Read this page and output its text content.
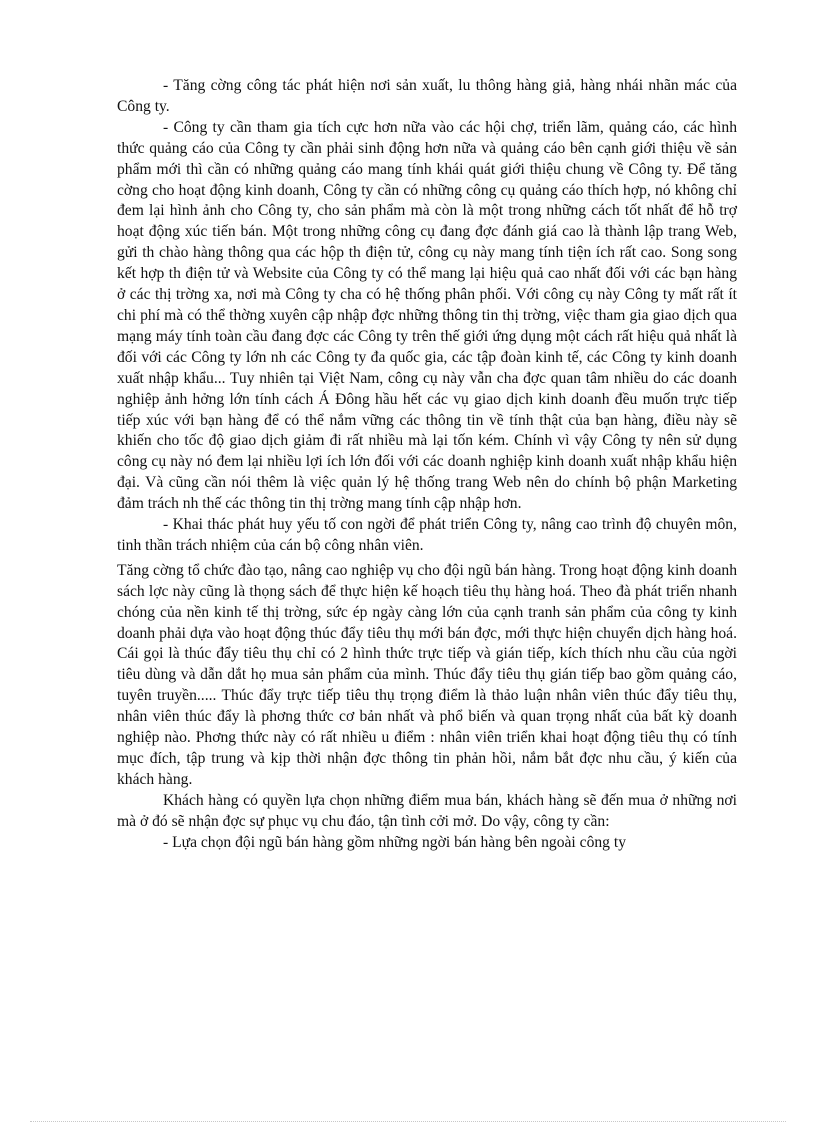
- Tăng cờng công tác phát hiện nơi sản xuất, lu thông hàng giả, hàng nhái nhãn mác của Công ty.

- Công ty cần tham gia tích cực hơn nữa vào các hội chợ, triển lãm, quảng cáo, các hình thức quảng cáo của Công ty cần phải sinh động hơn nữa và quảng cáo bên cạnh giới thiệu về sản phẩm mới thì cần có những quảng cáo mang tính khái quát giới thiệu chung về Công ty. Để tăng cờng cho hoạt động kinh doanh, Công ty cần có những công cụ quảng cáo thích hợp, nó không chỉ đem lại hình ảnh cho Công ty, cho sản phẩm mà còn là một trong những cách tốt nhất để hỗ trợ hoạt động xúc tiến bán. Một trong những công cụ đang đợc đánh giá cao là thành lập trang Web, gửi th chào hàng thông qua các hộp th điện tử, công cụ này mang tính tiện ích rất cao. Song song kết hợp th điện tử và Website của Công ty có thể mang lại hiệu quả cao nhất đối với các bạn hàng ở các thị trờng xa, nơi mà Công ty cha có hệ thống phân phối. Với công cụ này Công ty mất rất ít chi phí mà có thể thờng xuyên cập nhập đợc những thông tin thị trờng, việc tham gia giao dịch qua mạng máy tính toàn cầu đang đợc các Công ty trên thế giới ứng dụng một cách rất hiệu quả nhất là đối với các Công ty lớn nh các Công ty đa quốc gia, các tập đoàn kinh tế, các Công ty kinh doanh xuất nhập khẩu... Tuy nhiên tại Việt Nam, công cụ này vẫn cha đợc quan tâm nhiều do các doanh nghiệp ảnh hởng lớn tính cách Á Đông hầu hết các vụ giao dịch kinh doanh đều muốn trực tiếp tiếp xúc với bạn hàng để có thể nắm vững các thông tin về tính thật của bạn hàng, điều này sẽ khiến cho tốc độ giao dịch giảm đi rất nhiều mà lại tốn kém. Chính vì vậy Công ty nên sử dụng công cụ này nó đem lại nhiều lợi ích lớn đối với các doanh nghiệp kinh doanh xuất nhập khẩu hiện đại. Và cũng cần nói thêm là việc quản lý hệ thống trang Web nên do chính bộ phận Marketing đảm trách nh thế các thông tin thị trờng mang tính cập nhập hơn.

- Khai thác phát huy yếu tố con ngời để phát triển Công ty, nâng cao trình độ chuyên môn, tinh thần trách nhiệm của cán bộ công nhân viên.

Tăng cờng tổ chức đào tạo, nâng cao nghiệp vụ cho đội ngũ bán hàng. Trong hoạt động kinh doanh sách lợc này cũng là thọng sách để thực hiện kế hoạch tiêu thụ hàng hoá. Theo đà phát triển nhanh chóng của nền kinh tế thị trờng, sức ép ngày càng lớn của cạnh tranh sản phẩm của công ty kinh doanh phải dựa vào hoạt động thúc đẩy tiêu thụ mới bán đợc, mới thực hiện chuyển dịch hàng hoá. Cái gọi là thúc đẩy tiêu thụ chỉ có 2 hình thức trực tiếp và gián tiếp, kích thích nhu cầu của ngời tiêu dùng và dẫn dắt họ mua sản phẩm của mình. Thúc đẩy tiêu thụ gián tiếp bao gồm quảng cáo, tuyên truyền..... Thúc đẩy trực tiếp tiêu thụ trọng điểm là thảo luận nhân viên thúc đẩy tiêu thụ, nhân viên thúc đẩy là phơng thức cơ bản nhất và phổ biến và quan trọng nhất của bất kỳ doanh nghiệp nào. Phơng thức này có rất nhiều u điểm : nhân viên triển khai hoạt động tiêu thụ có tính mục đích, tập trung và kịp thời nhận đợc thông tin phản hồi, nắm bắt đợc nhu cầu, ý kiến của khách hàng.

Khách hàng có quyền lựa chọn những điểm mua bán, khách hàng sẽ đến mua ở những nơi mà ở đó sẽ nhận đợc sự phục vụ chu đáo, tận tình cởi mở. Do vậy, công ty cần:

- Lựa chọn đội ngũ bán hàng gồm những ngời bán hàng bên ngoài công ty
